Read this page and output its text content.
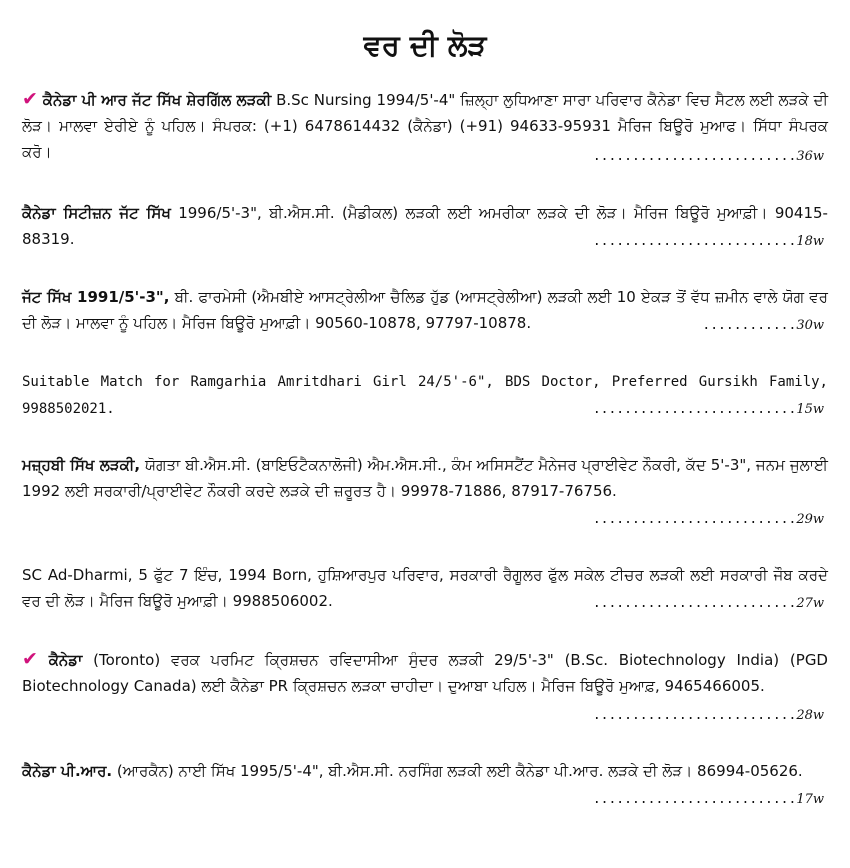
ਵਰ ਦੀ ਲੋੜ

✔ ਕੈਨੇਡਾ ਪੀ ਆਰ ਜੱਟ ਸਿੱਖ ਸ਼ੇਰਗਿੱਲ ਲੜਕੀ B.Sc Nursing 1994/5'-4" ਜ਼ਿਲ੍ਹਾ ਲੁਧਿਆਣਾ ਸਾਰਾ ਪਰਿਵਾਰ ਕੈਨੇਡਾ ਵਿਚ ਸੈਟਲ ਲਈ ਲੜਕੇ ਦੀ ਲੋੜ। ਮਾਲਵਾ ਏਰੀਏ ਨੂੰ ਪਹਿਲ। ਸੰਪਰਕ: (+1) 6478614432 (ਕੈਨੇਡਾ) (+91) 94633-95931 ਮੈਰਿਜ ਬਿਊਰੋ ਮੁਆਫ। ਸਿੱਧਾ ਸੰਪਰਕ ਕਰੋ।	..........................36w

ਕੈਨੇਡਾ ਸਿਟੀਜ਼ਨ ਜੱਟ ਸਿੱਖ 1996/5'-3", ਬੀ.ਐਸ.ਸੀ. (ਮੈਡੀਕਲ) ਲੜਕੀ ਲਈ ਅਮਰੀਕਾ ਲੜਕੇ ਦੀ ਲੋੜ। ਮੈਰਿਜ ਬਿਊਰੋ ਮੁਆਫ਼ੀ। 90415-88319.	..........................18w

ਜੱਟ ਸਿੱਖ 1991/5'-3", ਬੀ. ਫਾਰਮੇਸੀ (ਐਮਬੀਏ ਆਸਟ੍ਰੇਲੀਆ ਚੈਲਿਡ ਹੁੱਡ (ਆਸਟ੍ਰੇਲੀਆ) ਲੜਕੀ ਲਈ 10 ਏਕੜ ਤੋਂ ਵੱਧ ਜ਼ਮੀਨ ਵਾਲੇ ਯੋਗ ਵਰ ਦੀ ਲੋੜ। ਮਾਲਵਾ ਨੂੰ ਪਹਿਲ। ਮੈਰਿਜ ਬਿਊਰੋ ਮੁਆਫ਼ੀ। 90560-10878, 97797-10878.	............30w

Suitable Match for Ramgarhia Amritdhari Girl 24/5'-6", BDS Doctor, Preferred Gursikh Family, 9988502021.	..........................15w

ਮਜ਼੍ਹਬੀ ਸਿੱਖ ਲੜਕੀ, ਯੋਗਤਾ ਬੀ.ਐਸ.ਸੀ. (ਬਾਇਓਟੈਕਨਾਲੋਜੀ) ਐਮ.ਐਸ.ਸੀ., ਕੰਮ ਅਸਿਸਟੈਂਟ ਮੈਨੇਜਰ ਪ੍ਰਾਈਵੇਟ ਨੌਕਰੀ, ਕੱਦ 5'-3", ਜਨਮ ਜੁਲਾਈ 1992 ਲਈ ਸਰਕਾਰੀ/ਪ੍ਰਾਈਵੇਟ ਨੌਕਰੀ ਕਰਦੇ ਲੜਕੇ ਦੀ ਜ਼ਰੂਰਤ ਹੈ। 99978-71886, 87917-76756.

..........................29w

SC Ad-Dharmi, 5 ਫੁੱਟ 7 ਇੰਚ, 1994 Born, ਹੁਸ਼ਿਆਰਪੁਰ ਪਰਿਵਾਰ, ਸਰਕਾਰੀ ਰੈਗੂਲਰ ਫੁੱਲ ਸਕੇਲ ਟੀਚਰ ਲੜਕੀ ਲਈ ਸਰਕਾਰੀ ਜੌਬ ਕਰਦੇ ਵਰ ਦੀ ਲੋੜ। ਮੈਰਿਜ ਬਿਊਰੋ ਮੁਆਫ਼ੀ। 9988506002.	..........................27w

✔ ਕੈਨੇਡਾ (Toronto) ਵਰਕ ਪਰਮਿਟ ਕ੍ਰਿਸ਼ਚਨ ਰਵਿਦਾਸੀਆ ਸੁੰਦਰ ਲੜਕੀ 29/5'-3" (B.Sc. Biotechnology India) (PGD Biotechnology Canada) ਲਈ ਕੈਨੇਡਾ PR ਕ੍ਰਿਸ਼ਚਨ ਲੜਕਾ ਚਾਹੀਦਾ। ਦੁਆਬਾ ਪਹਿਲ। ਮੈਰਿਜ ਬਿਊਰੋ ਮੁਆਫ਼, 9465466005.

..........................28w

ਕੈਨੇਡਾ ਪੀ.ਆਰ. (ਆਰਕੈਨ) ਨਾਈ ਸਿੱਖ 1995/5'-4", ਬੀ.ਐਸ.ਸੀ. ਨਰਸਿੰਗ ਲੜਕੀ ਲਈ ਕੈਨੇਡਾ ਪੀ.ਆਰ. ਲੜਕੇ ਦੀ ਲੋੜ। 86994-05626.

..........................17w
